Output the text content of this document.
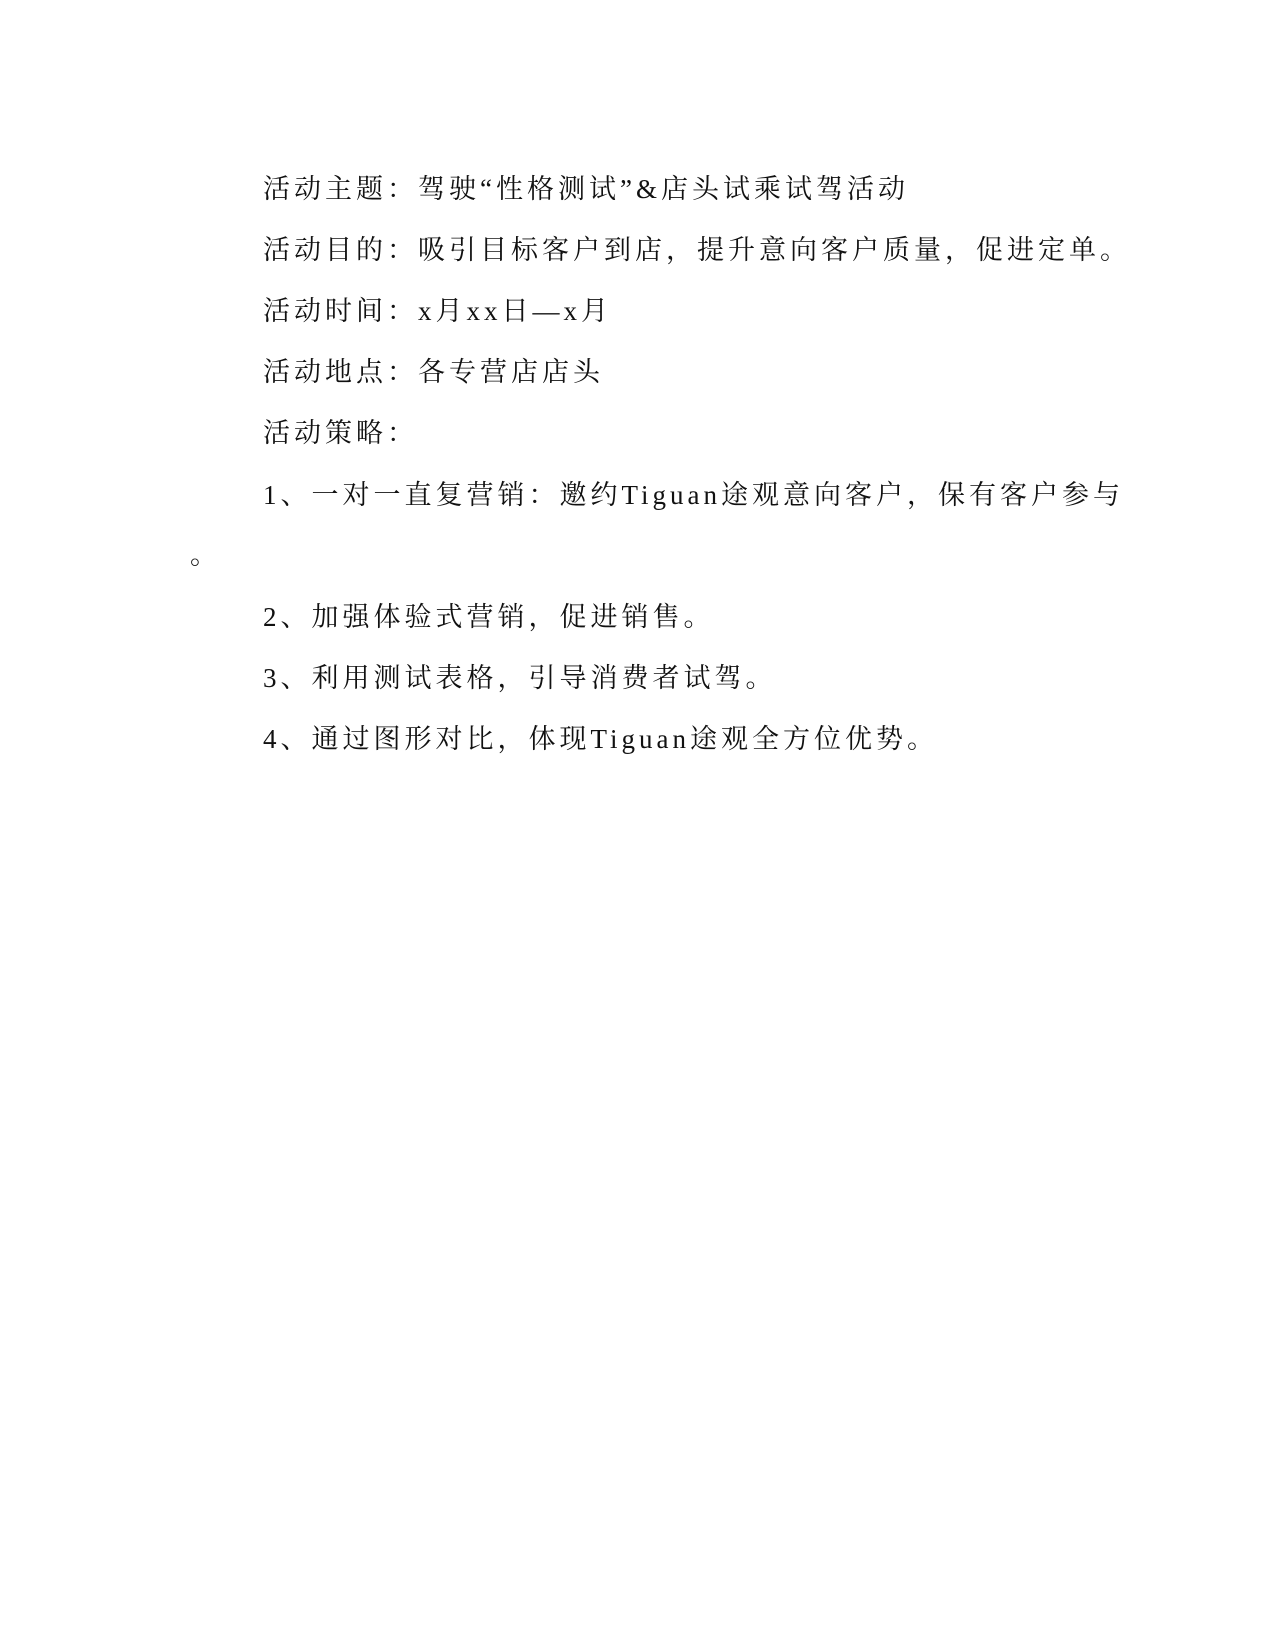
活动主题：驾驶“性格测试”&店头试乘试驾活动
活动目的：吸引目标客户到店，提升意向客户质量，促进定单。
活动时间：x月xx日—x月
活动地点：各专营店店头
活动策略：
1、一对一直复营销：邀约Tiguan途观意向客户，保有客户参与
。
2、加强体验式营销，促进销售。
3、利用测试表格，引导消费者试驾。
4、通过图形对比，体现Tiguan途观全方位优势。
